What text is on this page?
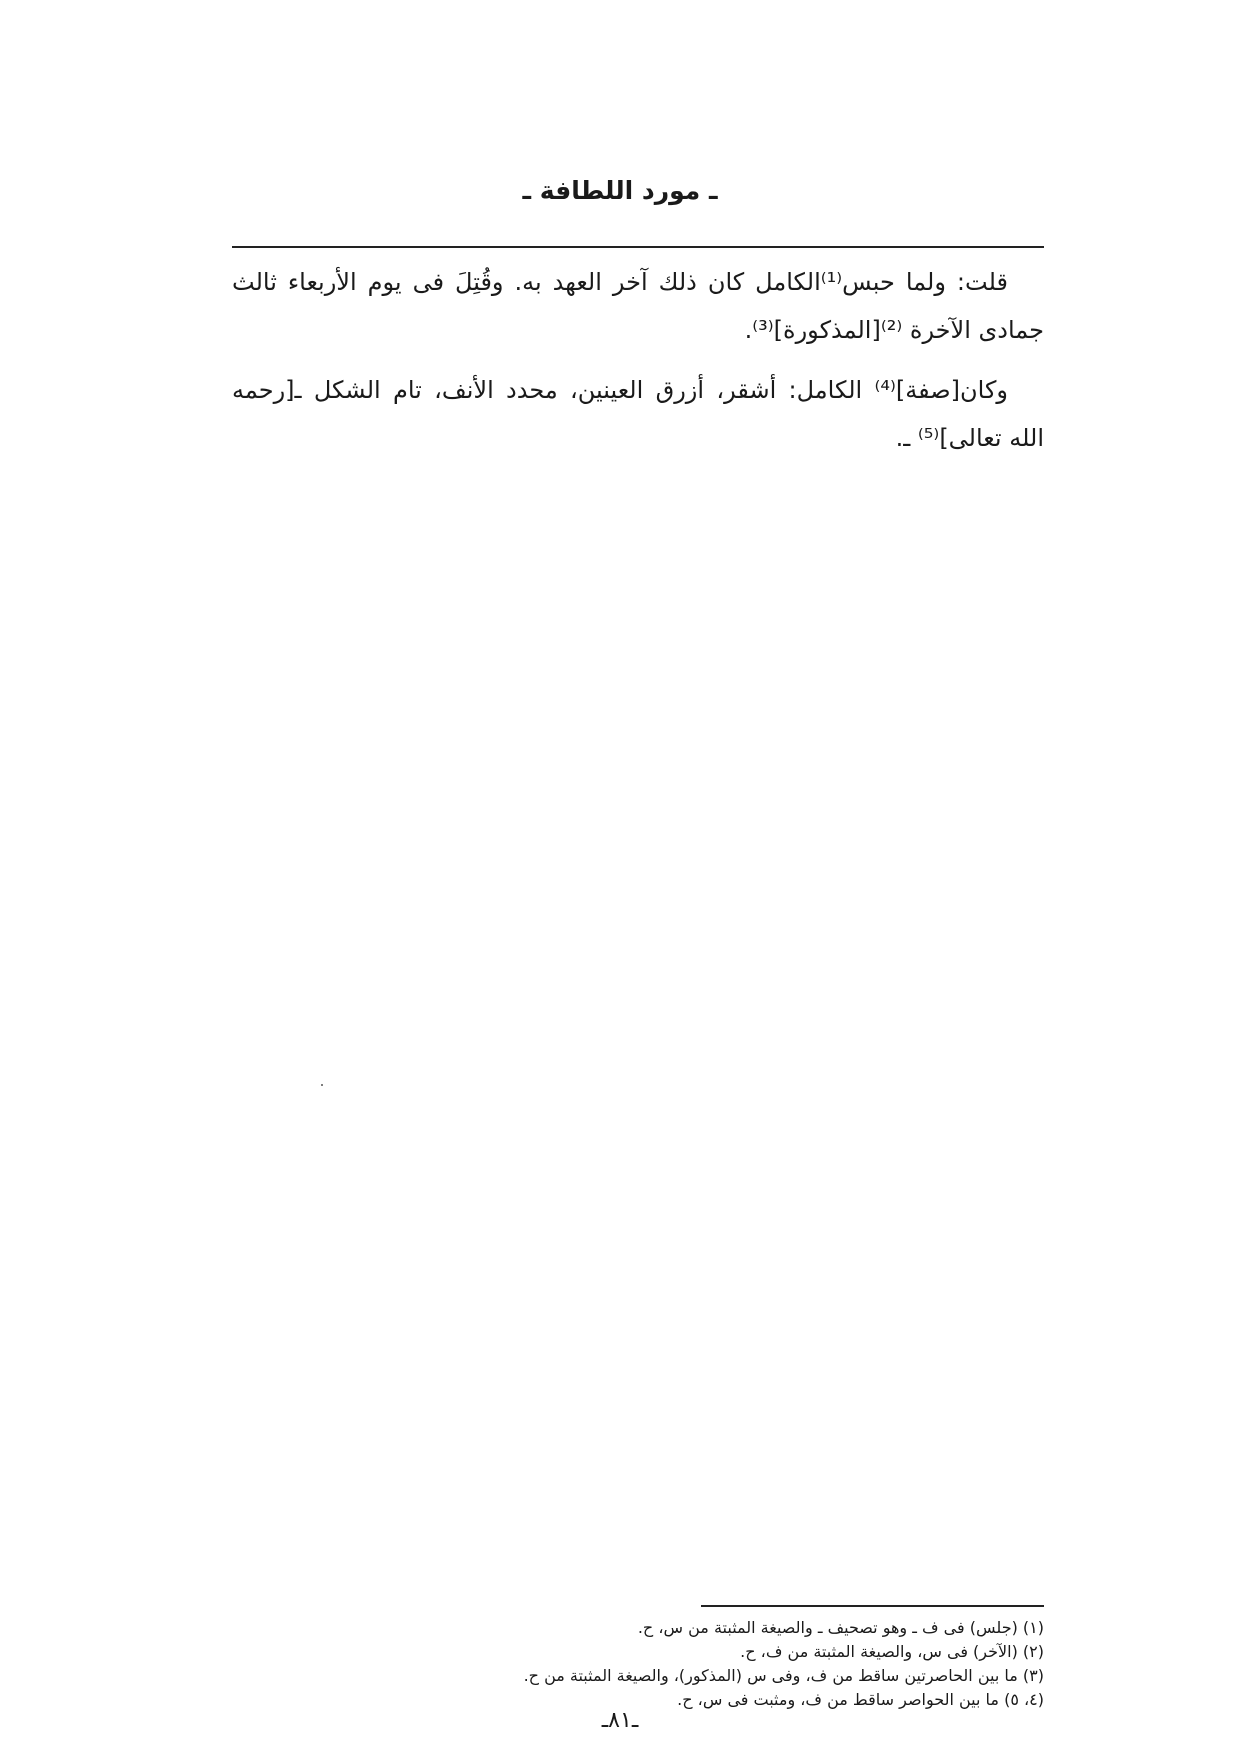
ـ مورد اللطافة ـ

قلت: ولما حبس⁽¹⁾الكامل كان ذلك آخر العهد به. وقُتِلَ فى يوم الأربعاء ثالث جمادى الآخرة ⁽²⁾[المذكورة]⁽³⁾.

وكان[صفة]⁽⁴⁾ الكامل: أشقر، أزرق العينين، محدد الأنف، تام الشكل ـ[رحمه الله تعالى]⁽⁵⁾ ـ.

(١) (جلس) فى ف ـ وهو تصحيف ـ والصيغة المثبتة من س، ح.
(٢) (الآخر) فى س، والصيغة المثبتة من ف، ح.
(٣) ما بين الحاصرتين ساقط من ف، وفى س (المذكور)، والصيغة المثبتة من ح.
(٤، ٥) ما بين الحواصر ساقط من ف، ومثبت فى س، ح.
ـ٨١ـ
